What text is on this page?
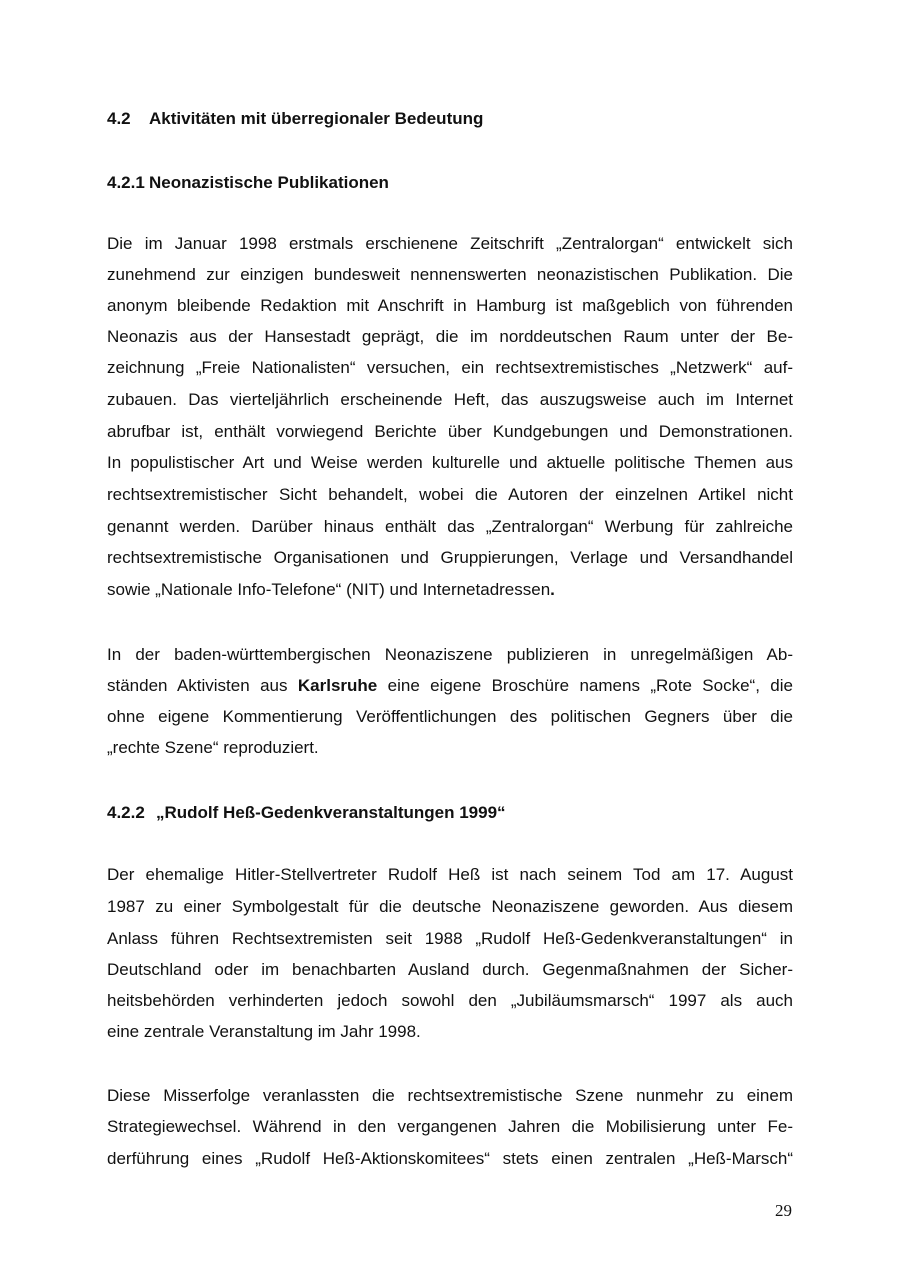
4.2 Aktivitäten mit überregionaler Bedeutung
4.2.1 Neonazistische Publikationen
Die im Januar 1998 erstmals erschienene Zeitschrift „Zentralorgan“ entwickelt sich
zunehmend zur einzigen bundesweit nennenswerten neonazistischen Publikation. Die
anonym bleibende Redaktion mit Anschrift in Hamburg ist maßgeblich von führenden
Neonazis aus der Hansestadt geprägt, die im norddeutschen Raum unter der Be-
zeichnung „Freie Nationalisten“ versuchen, ein rechtsextremistisches „Netzwerk“ auf-
zubauen. Das vierteljährlich erscheinende Heft, das auszugsweise auch im Internet
abrufbar ist, enthält vorwiegend Berichte über Kundgebungen und Demonstrationen.
In populistischer Art und Weise werden kulturelle und aktuelle politische Themen aus
rechtsextremistischer Sicht behandelt, wobei die Autoren der einzelnen Artikel nicht
genannt werden. Darüber hinaus enthält das „Zentralorgan“ Werbung für zahlreiche
rechtsextremistische Organisationen und Gruppierungen, Verlage und Versandhandel
sowie „Nationale Info-Telefone“ (NIT) und Internetadressen.
In der baden-württembergischen Neonaziszene publizieren in unregelmäßigen Ab-
ständen Aktivisten aus Karlsruhe eine eigene Broschüre namens „Rote Socke“, die
ohne eigene Kommentierung Veröffentlichungen des politischen Gegners über die
„rechte Szene“ reproduziert.
4.2.2 „Rudolf Heß-Gedenkveranstaltungen 1999“
Der ehemalige Hitler-Stellvertreter Rudolf Heß ist nach seinem Tod am 17. August
1987 zu einer Symbolgestalt für die deutsche Neonaziszene geworden. Aus diesem
Anlass führen Rechtsextremisten seit 1988 „Rudolf Heß-Gedenkveranstaltungen“ in
Deutschland oder im benachbarten Ausland durch. Gegenmaßnahmen der Sicher-
heitsbehörden verhinderten jedoch sowohl den „Jubiläumsmarsch“ 1997 als auch
eine zentrale Veranstaltung im Jahr 1998.
Diese Misserfolge veranlassten die rechtsextremistische Szene nunmehr zu einem
Strategiewechsel. Während in den vergangenen Jahren die Mobilisierung unter Fe-
derführung eines „Rudolf Heß-Aktionskomitees“ stets einen zentralen „Heß-Marsch“
29
